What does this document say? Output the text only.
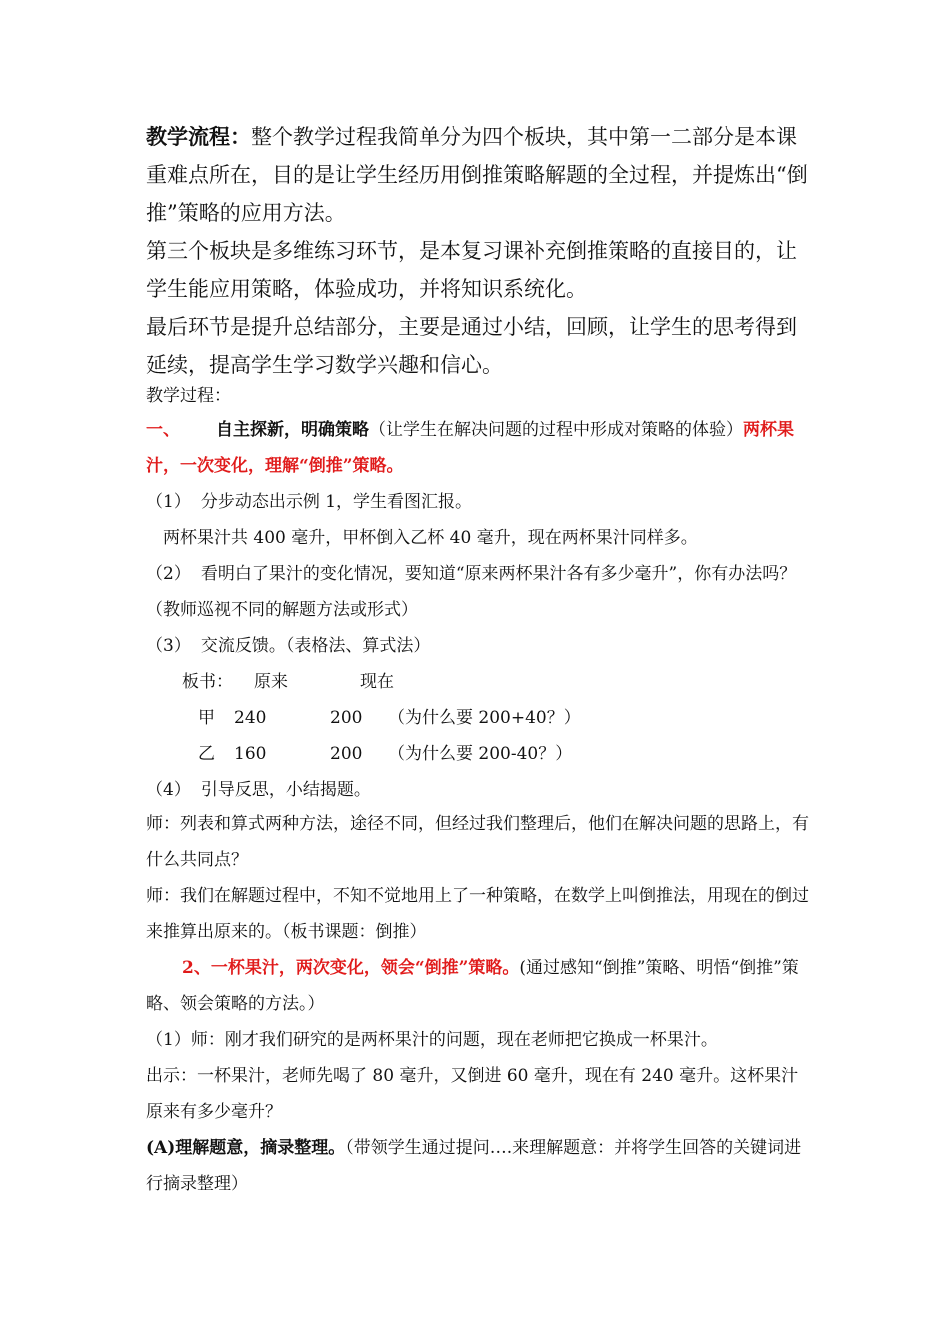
教学流程：整个教学过程我简单分为四个板块，其中第一二部分是本课重难点所在，目的是让学生经历用倒推策略解题的全过程，并提炼出“倒推”策略的应用方法。
第三个板块是多维练习环节，是本复习课补充倒推策略的直接目的，让学生能应用策略，体验成功，并将知识系统化。
最后环节是提升总结部分，主要是通过小结，回顾，让学生的思考得到延续，提高学生学习数学兴趣和信心。
教学过程：
一、 自主探新，明确策略（让学生在解决问题的过程中形成对策略的体验）两杯果汁，一次变化，理解“倒推”策略。
（1） 分步动态出示例 1，学生看图汇报。
两杯果汁共 400 毫升，甲杯倒入乙杯 40 毫升，现在两杯果汁同样多。
（2） 看明白了果汁的变化情况，要知道“原来两杯果汁各有多少毫升”，你有办法吗？（教师巡视不同的解题方法或形式）
（3） 交流反馈。（表格法、算式法）
板书： 原来	现在
甲 240	200 （为什么要 200+40？）
乙 160	200 （为什么要 200-40？）
（4） 引导反思，小结揭题。
师：列表和算式两种方法，途径不同，但经过我们整理后，他们在解决问题的思路上，有什么共同点？
师：我们在解题过程中，不知不觉地用上了一种策略，在数学上叫倒推法，用现在的倒过来推算出原来的。（板书课题：倒推）
2、一杯果汁，两次变化，领会“倒推”策略。(通过感知“倒推”策略、明悟“倒推”策略、领会策略的方法。）
（1）师：刚才我们研究的是两杯果汁的问题，现在老师把它换成一杯果汁。
出示：一杯果汁，老师先喝了 80 毫升，又倒进 60 毫升，现在有 240 毫升。这杯果汁原来有多少毫升？
(A)理解题意，摘录整理。（带领学生通过提问….来理解题意：并将学生回答的关键词进行摘录整理）
